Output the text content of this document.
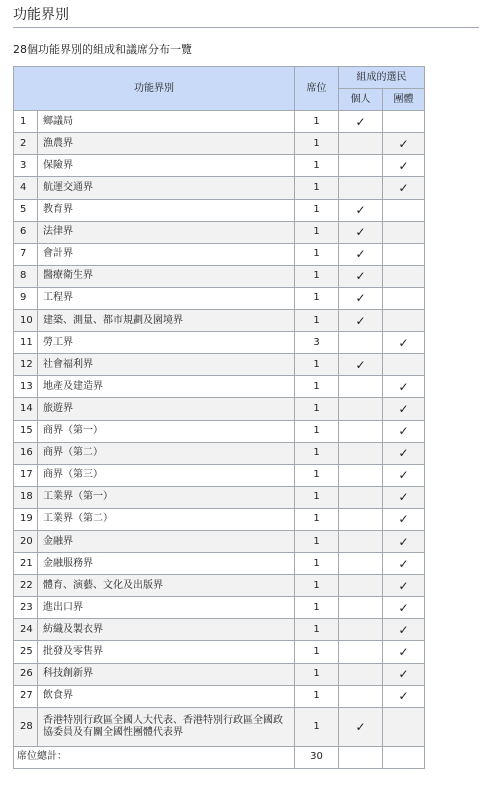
功能界別
28個功能界別的組成和議席分布一覽
功能界別		席位	組成的選民	
			個人	團體
1	鄉議局	1	✓	
2	漁農界	1		✓
3	保險界	1		✓
4	航運交通界	1		✓
5	教育界	1	✓	
6	法律界	1	✓	
7	會計界	1	✓	
8	醫療衛生界	1	✓	
9	工程界	1	✓	
10	建築、測量、都市規劃及園境界	1	✓	
11	勞工界	3		✓
12	社會福利界	1	✓	
13	地產及建造界	1		✓
14	旅遊界	1		✓
15	商界（第一）	1		✓
16	商界（第二）	1		✓
17	商界（第三）	1		✓
18	工業界（第一）	1		✓
19	工業界（第二）	1		✓
20	金融界	1		✓
21	金融服務界	1		✓
22	體育、演藝、文化及出版界	1		✓
23	進出口界	1		✓
24	紡織及製衣界	1		✓
25	批發及零售界	1		✓
26	科技創新界	1		✓
27	飲食界	1		✓
28	香港特別行政區全國人大代表、香港特別行政區全國政協委員及有關全國性團體代表界	1	✓	
席位總計：		30		
